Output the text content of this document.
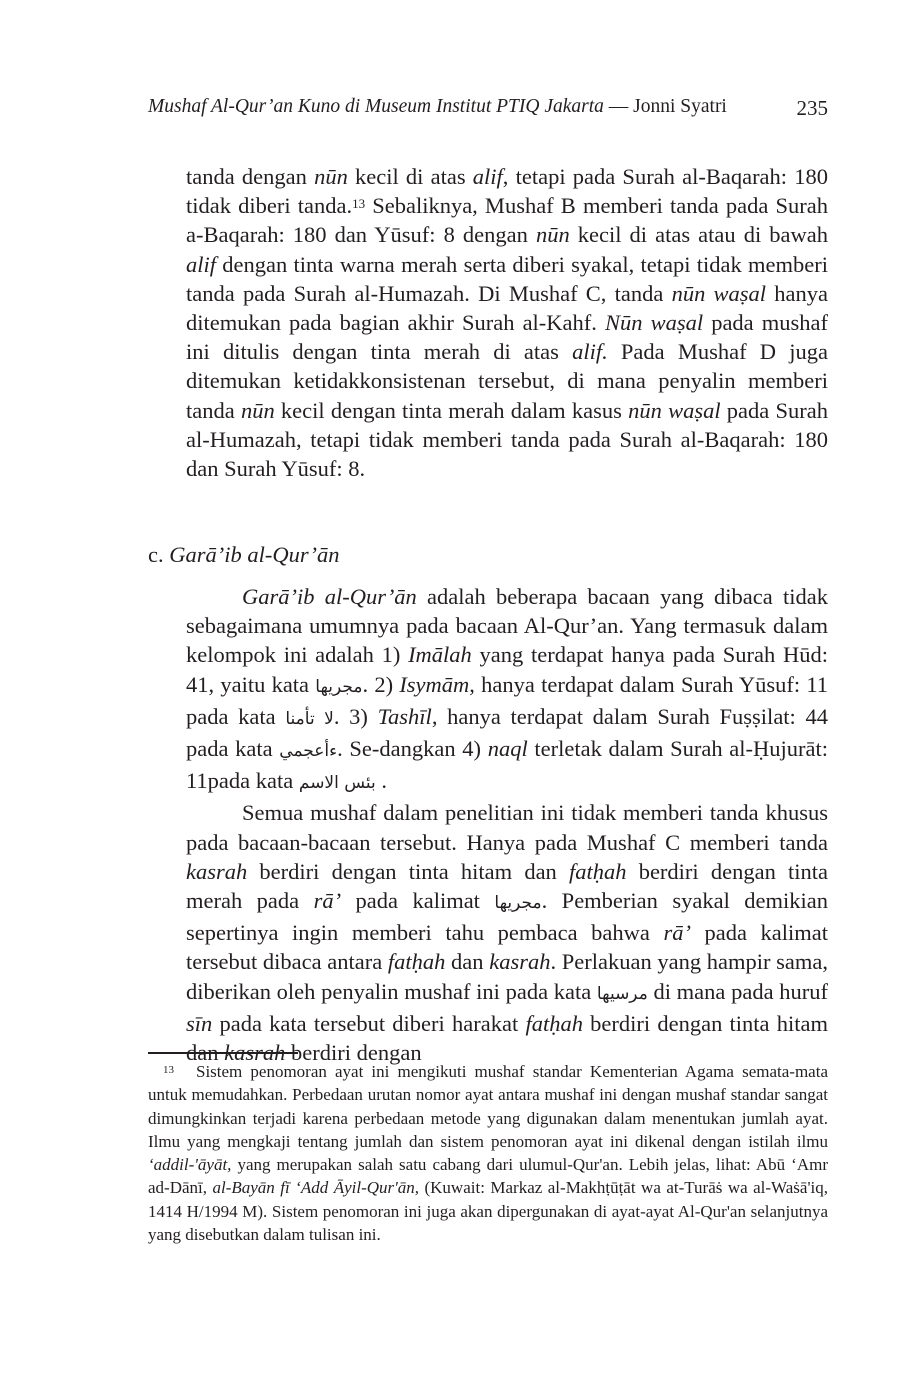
Mushaf Al-Qur’an Kuno di Museum Institut PTIQ Jakarta — Jonni Syatri	235

tanda dengan nūn kecil di atas alif, tetapi pada Surah al-Baqarah: 180 tidak diberi tanda.$^{13}$ Sebaliknya, Mushaf B memberi tanda pada Surah a-Baqarah: 180 dan Yūsuf: 8 dengan nūn kecil di atas atau di bawah alif dengan tinta warna merah serta diberi syakal, tetapi tidak memberi tanda pada Surah al-Humazah. Di Mushaf C, tanda nūn waṣal hanya ditemukan pada bagian akhir Surah al-Kahf. Nūn waṣal pada mushaf ini ditulis dengan tinta merah di atas alif. Pada Mushaf D juga ditemukan ketidakkonsistenan tersebut, di mana penyalin memberi tanda nūn kecil dengan tinta merah dalam kasus nūn waṣal pada Surah al-Humazah, tetapi tidak memberi tanda pada Surah al-Baqarah: 180 dan Surah Yūsuf: 8.

c. Garā’ib al-Qur’ān

Garā’ib al-Qur’ān adalah beberapa bacaan yang dibaca tidak sebagaimana umumnya pada bacaan Al-Qur’an. Yang termasuk dalam kelompok ini adalah 1) Imālah yang terdapat hanya pada Surah Hūd: 41, yaitu kata مجريها. 2) Isymām, hanya terdapat dalam Surah Yūsuf: 11 pada kata لا تأمنا. 3) Tashīl, hanya terdapat dalam Surah Fuṣṣilat: 44 pada kata ءأعجمي. Se-dangkan 4) naql terletak dalam Surah al-Ḥujurāt: 11pada kata بئس الاسم .

Semua mushaf dalam penelitian ini tidak memberi tanda khusus pada bacaan-bacaan tersebut. Hanya pada Mushaf C memberi tanda kasrah berdiri dengan tinta hitam dan fatḥah berdiri dengan tinta merah pada rā’ pada kalimat مجريها. Pemberian syakal demikian sepertinya ingin memberi tahu pembaca bahwa rā’ pada kalimat tersebut dibaca antara fatḥah dan kasrah. Perlakuan yang hampir sama, diberikan oleh penyalin mushaf ini pada kata مرسيها di mana pada huruf sīn pada kata tersebut diberi harakat fatḥah berdiri dengan tinta hitam dan kasrah berdiri dengan

$^{13}$ Sistem penomoran ayat ini mengikuti mushaf standar Kementerian Agama semata-mata untuk memudahkan. Perbedaan urutan nomor ayat antara mushaf ini dengan mushaf standar sangat dimungkinkan terjadi karena perbedaan metode yang digunakan dalam menentukan jumlah ayat. Ilmu yang mengkaji tentang jumlah dan sistem penomoran ayat ini dikenal dengan istilah ilmu ‘addil-'āyāt, yang merupakan salah satu cabang dari ulumul-Qur'an. Lebih jelas, lihat: Abū ‘Amr ad-Dānī, al-Bayān fī ‘Add Āyil-Qur'ān, (Kuwait: Markaz al-Makhṭūṭāt wa at-Turāṡ wa al-Waṡā'iq, 1414 H/1994 M). Sistem penomoran ini juga akan dipergunakan di ayat-ayat Al-Qur'an selanjutnya yang disebutkan dalam tulisan ini.
